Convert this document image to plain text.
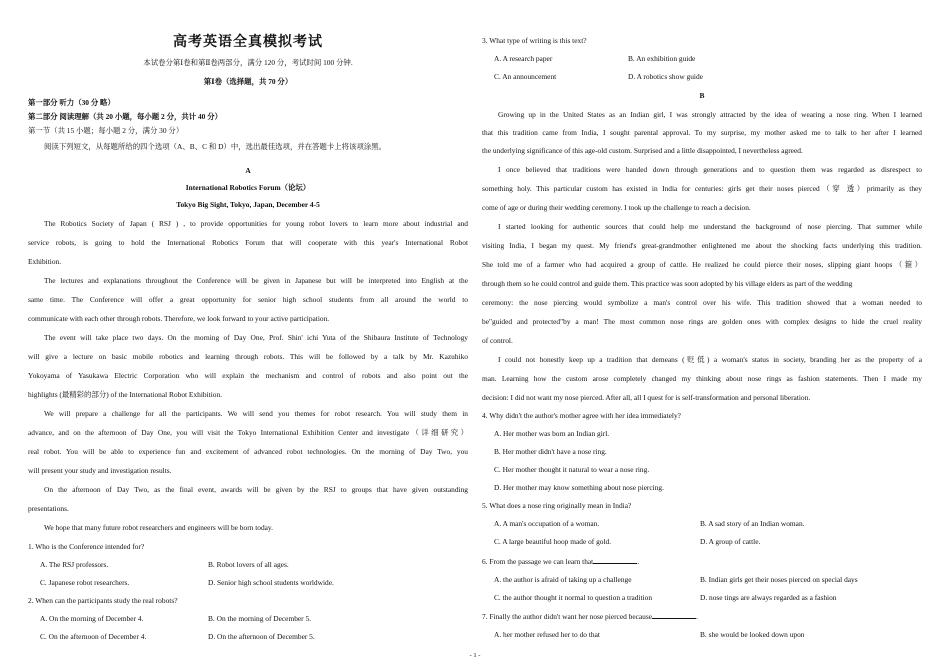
高考英语全真模拟考试
本试卷分第Ⅰ卷和第Ⅱ卷两部分，满分 120 分，考试时间 100 分钟.
第Ⅰ卷（选择题，共 70 分）
第一部分 听力（30 分 略）
第二部分 阅读理解（共 20 小题，每小题 2 分，共计 40 分）
第一节（共 15 小题；每小题 2 分，满分 30 分）
阅读下列短文，从每题所给的四个选项（A、B、C 和 D）中，选出最佳选项，并在答题卡上将该项涂黑。
A
International Robotics Forum（论坛）
Tokyo Big Sight, Tokyo, Japan, December 4-5
The Robotics Society of Japan ( RSJ ) , to provide opportunities for young robot lovers to learn more about industrial and
service robots, is going to hold the International Robotics Forum that will cooperate with this year's International Robot
Exhibition.
The lectures and explanations throughout the Conference will be given in Japanese but will be interpreted into English at the
same time. The Conference will offer a great opportunity for senior high school students from all around the world to
communicate with each other through robots. Therefore, we look forward to your active participation.
The event will take place two days. On the morning of Day One, Prof. Shin' ichi Yuta of the Shibaura Institute of Technology
will give a lecture on basic mobile robotics and learning through robots. This will be followed by a talk by Mr. Kazuhiko
Yokoyama of Yasukawa Electric Corporation who will explain the mechanism and control of robots and also point out the
highlights (最精彩的部分) of the International Robot Exhibition.
We will prepare a challenge for all the participants. We will send you themes for robot research. You will study them in
advance, and on the afternoon of Day One, you will visit the Tokyo International Exhibition Center and investigate（详细研究）
real robot. You will be able to experience fun and excitement of advanced robot technologies. On the morning of Day Two, you
will present your study and investigation results.
On the afternoon of Day Two, as the final event, awards will be given by the RSJ to groups that have given outstanding
presentations.
We hope that many future robot researchers and engineers will be born today.
1. Who is the Conference intended for?
A. The RSJ professors.	B. Robot lovers of all ages.
C. Japanese robot researchers.	D. Senior high school students worldwide.
2. When can the participants study the real robots?
A. On the morning of December 4.	B. On the morning of December 5.
C. On the afternoon of December 4.	D. On the afternoon of December 5.
3. What type of writing is this text?
A. A research paper	B. An exhibition guide
C. An announcement	D. A robotics show guide
B
Growing up in the United States as an Indian girl, I was strongly attracted by the idea of wearing a nose ring. When I learned
that this tradition came from India, I sought parental approval. To my surprise, my mother asked me to talk to her after I learned
the underlying significance of this age-old custom. Surprised and a little disappointed, I nevertheless agreed.
I once believed that traditions were handed down through generations and to question them was regarded as disrespect to
something holy. This particular custom has existed in India for centuries: girls get their noses pierced（穿 透）primarily as they
come of age or during their wedding ceremony. I took up the challenge to reach a decision.
I started looking for authentic sources that could help me understand the background of nose piercing. That summer while
visiting India, I began my quest. My friend's great-grandmother enlightened me about the shocking facts underlying this tradition.
She told me of a farmer who had acquired a group of cattle. He realized he could pierce their noses, slipping giant hoops（箍）
through them so he could control and guide them. This practice was soon adopted by his village elders as part of the wedding
ceremony: the nose piercing would symbolize a man's control over his wife. This tradition showed that a woman needed to
be"guided and protected"by a man! The most common nose rings are golden ones with complex designs to hide the cruel reality
of control.
I could not honestly keep up a tradition that demeans (贬低) a woman's status in society, branding her as the property of a
man. Learning how the custom arose completely changed my thinking about nose rings as fashion statements. Then I made my
decision: I did not want my nose pierced. After all, all I quest for is self-transformation and personal liberation.
4. Why didn't the author's mother agree with her idea immediately?
A. Her mother was born an Indian girl.
B. Her mother didn't have a nose ring.
C. Her mother thought it natural to wear a nose ring.
D. Her mother may know something about nose piercing.
5. What does a nose ring originally mean in India?
A. A man's occupation of a woman.	B. A sad story of an Indian woman.
C. A large beautiful hoop made of gold.	D. A group of cattle.
6. From the passage we can learn that	.
A. the author is afraid of taking up a challenge	B. Indian girls get their noses pierced on special days
C. the author thought it normal to question a tradition	D. nose tings are always regarded as a fashion
7. Finally the author didn't want her nose pierced because	.
A. her mother refused her to do that	B. she would be looked down upon
- 1 -
